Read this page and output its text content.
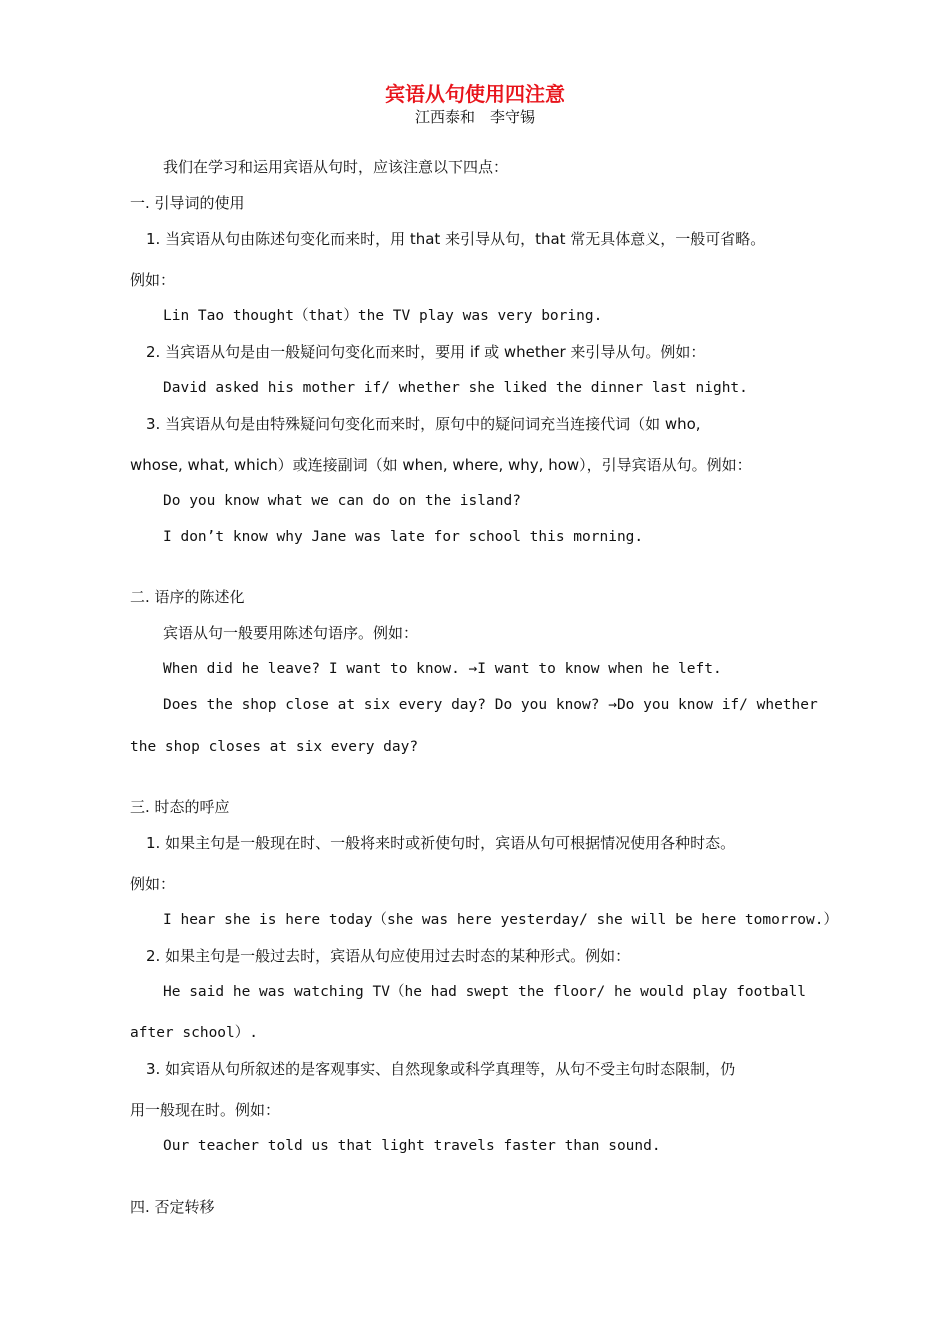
宾语从句使用四注意
江西泰和　李守锡
我们在学习和运用宾语从句时，应该注意以下四点：
一. 引导词的使用
1. 当宾语从句由陈述句变化而来时，用 that 来引导从句，that 常无具体意义，一般可省略。
例如：
Lin Tao thought（that）the TV play was very boring.
2. 当宾语从句是由一般疑问句变化而来时，要用 if 或 whether 来引导从句。例如：
David asked his mother if/ whether she liked the dinner last night.
3. 当宾语从句是由特殊疑问句变化而来时，原句中的疑问词充当连接代词（如 who,
whose, what, which）或连接副词（如 when, where, why, how），引导宾语从句。例如：
Do you know what we can do on the island?
I don’t know why Jane was late for school this morning.
二. 语序的陈述化
宾语从句一般要用陈述句语序。例如：
When did he leave? I want to know. →I want to know when he left.
Does the shop close at six every day? Do you know? →Do you know if/ whether
the shop closes at six every day?
三. 时态的呼应
1. 如果主句是一般现在时、一般将来时或祈使句时，宾语从句可根据情况使用各种时态。
例如：
I hear she is here today（she was here yesterday/ she will be here tomorrow.）
2. 如果主句是一般过去时，宾语从句应使用过去时态的某种形式。例如：
He said he was watching TV（he had swept the floor/ he would play football
after school）.
3. 如宾语从句所叙述的是客观事实、自然现象或科学真理等，从句不受主句时态限制，仍
用一般现在时。例如：
Our teacher told us that light travels faster than sound.
四. 否定转移
